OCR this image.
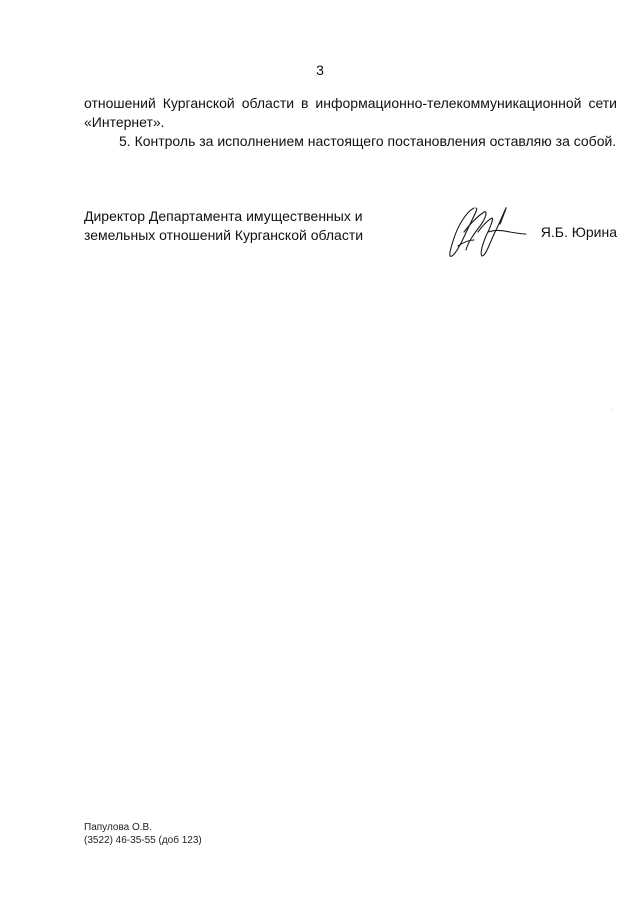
3

отношений Курганской области в информационно-телекоммуникационной сети «Интернет».

5. Контроль за исполнением настоящего постановления оставляю за собой.

Директор Департамента имущественных и
земельных отношений Курганской области	Я.Б. Юрина
Папулова О.В.
(3522) 46-35-55 (доб 123)
